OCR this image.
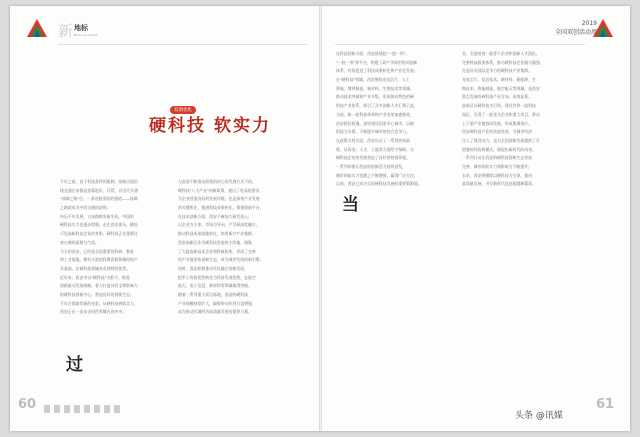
新 地标
New landmark
2019
全国双创活动周
双创优化
硬科技 软实力
千年之前，由于科技条件的限制，丝路古道沿
线交通往来都是依靠驼队、马帮，自汉代开通
"丝绸之路"后，一条连接亚欧的通道——丝绸
之路就成为中西交通的纽带。
经历千年发展，古丝路换发新生机，中国的
硬科技实力也逐步增强。走在西安街头，随处
可见高新科技企业的身影，硬科技正在重塑这
座古城的面貌与气质。
今天的西安，已经是全国重要的科研、教育
和工业基地，拥有丰富的科教资源和雄厚的产
业基础，在硬科技领域具有独特的优势。
近年来，西安市以"硬科技"为抓手，推进
创新驱动发展战略，着力打造具有全球影响力
的硬科技创新中心，营造良好的创新生态。
千年古都焕发新的光彩，从硬科技到软实力，
西安正在一步步走向世界舞台的中央。
与此前不断推出政策的决心的发展方式不同，
硬科技"八大产业"的新政策，提出了更高的要求，
为企业营造良好的发展环境，也是加快产业发展
的关键所在。推进科技成果转化，搭建创新平台。
在技术创新方面，西安不断加大研发投入，
以企业为主体，市场为导向，产学研深度融合，
推动科技成果就地转化，培育新兴产业集群。
西安高新区作为硬科技发展的主阵地，聚集
了大批高新技术企业和科研院所，形成了完善
的产业链条和创新生态，成为城市发展的新引擎。
同时，西安积极推动军民融合创新发展，
把军工资源优势转化为经济发展优势，在航空
航天、电子信息、新材料等领域取得突破。
随着一系列重大项目落地，西安的硬科技
产业规模持续扩大，辐射带动作用日益增强，
成为推动区域经济高质量发展的重要力量。
在科技创新方面，西安搭建起"一院一所"、
"一校一带"等平台，构建了政产学研用协同创新
体系，有效促进了科技成果转化和产业化发展。
在"硬科技"领域，西安聚焦光电芯片、人工
智能、增材制造、新材料、生物技术等领域，
推动技术突破和产业升级，形成独具特色的硬
科技产业体系，吸引了众多创新人才汇聚于此。
当前，新一轮科技革命和产业变革加速推进，
西安抓住机遇，加快建设国家中心城市，以硬
科技为支撑，不断提升城市的综合竞争力。
在政策支持方面，西安出台了一系列扶持政
策，从资金、人才、土地等方面给予保障，为
硬科技企业的发展营造了良好的营商环境。
一系列举措让西安的创新活力持续迸发，
城市的软实力也随之不断增强，赢得广泛关注。
目前，西安已成为全国硬科技发展的重要策源地。
业，引进培育一批骨干企业和创新人才团队，
完善科技服务体系，推动硬科技企业做大做强，
打造具有国际竞争力的硬科技产业集群。
光电芯片、信息技术、新材料、新能源、生
物技术、智能制造、航空航天等领域，是西安
重点发展的硬科技产业方向，成效显著。
高新区以硬科技为引领，建设世界一流科技
园区，引进了一批龙头企业和重大项目，带动
上下游产业链协同发展，形成集聚效应。
西安硬科技产业的快速发展，为城市经济
注入了强劲动力，也为全国创新发展提供了可
借鉴的经验和模式，展现出新时代的风采。
一系列行动让西安的硬科技创新生态更加
完善，城市的软实力和影响力不断提升。
未来，西安将继续以硬科技为引领，推动
高质量发展，书写新时代追赶超越新篇章。
过
当
60	61
头条 @讯媒
